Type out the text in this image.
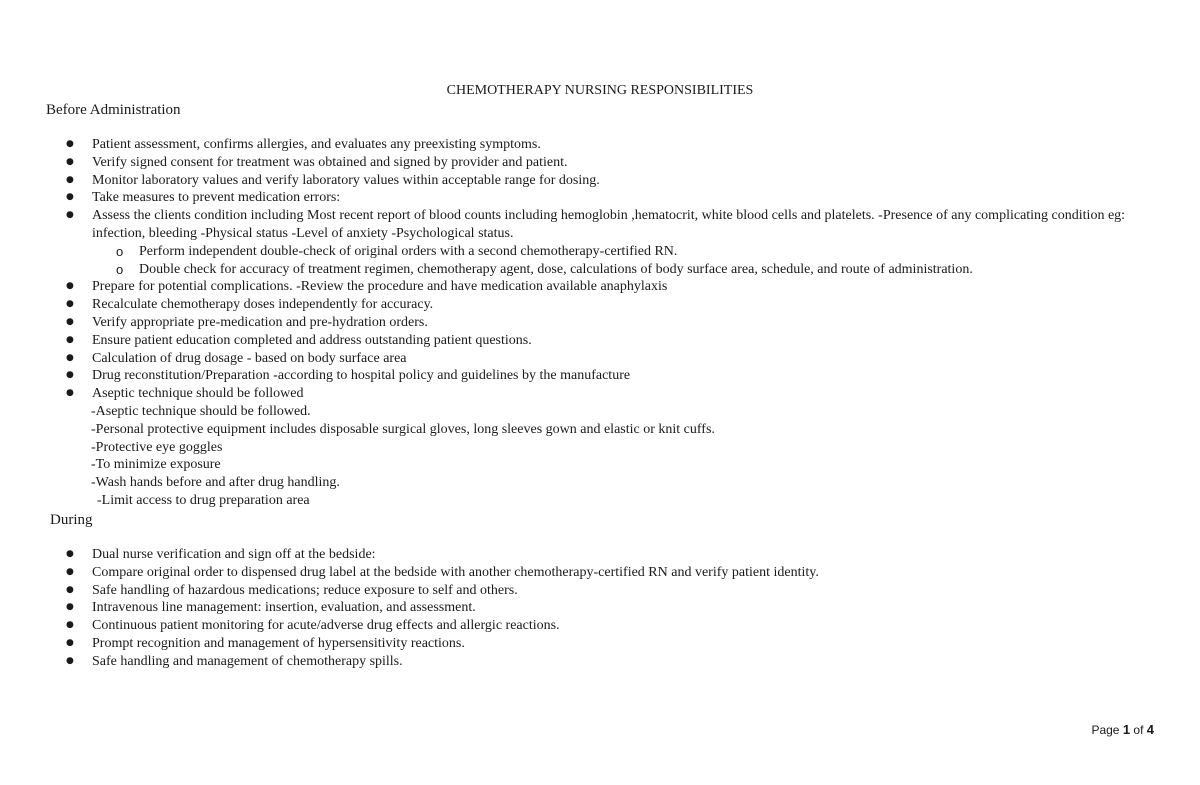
CHEMOTHERAPY NURSING RESPONSIBILITIES
Before Administration
● Patient assessment, confirms allergies, and evaluates any preexisting symptoms.
● Verify signed consent for treatment was obtained and signed by provider and patient.
● Monitor laboratory values and verify laboratory values within acceptable range for dosing.
● Take measures to prevent medication errors:
● Assess the clients condition including Most recent report of blood counts including hemoglobin ,hematocrit, white blood cells and platelets. -Presence of any complicating condition eg: infection, bleeding -Physical status -Level of anxiety -Psychological status.
o Perform independent double-check of original orders with a second chemotherapy-certified RN.
o Double check for accuracy of treatment regimen, chemotherapy agent, dose, calculations of body surface area, schedule, and route of administration.
● Prepare for potential complications. -Review the procedure and have medication available anaphylaxis
● Recalculate chemotherapy doses independently for accuracy.
● Verify appropriate pre-medication and pre-hydration orders.
● Ensure patient education completed and address outstanding patient questions.
● Calculation of drug dosage - based on body surface area
● Drug reconstitution/Preparation -according to hospital policy and guidelines by the manufacture
● Aseptic technique should be followed
-Aseptic technique should be followed.
-Personal protective equipment includes disposable surgical gloves, long sleeves gown and elastic or knit cuffs.
-Protective eye goggles
-To minimize exposure
-Wash hands before and after drug handling.
-Limit access to drug preparation area
During
● Dual nurse verification and sign off at the bedside:
● Compare original order to dispensed drug label at the bedside with another chemotherapy-certified RN and verify patient identity.
● Safe handling of hazardous medications; reduce exposure to self and others.
● Intravenous line management: insertion, evaluation, and assessment.
● Continuous patient monitoring for acute/adverse drug effects and allergic reactions.
● Prompt recognition and management of hypersensitivity reactions.
● Safe handling and management of chemotherapy spills.
Page 1 of 4
